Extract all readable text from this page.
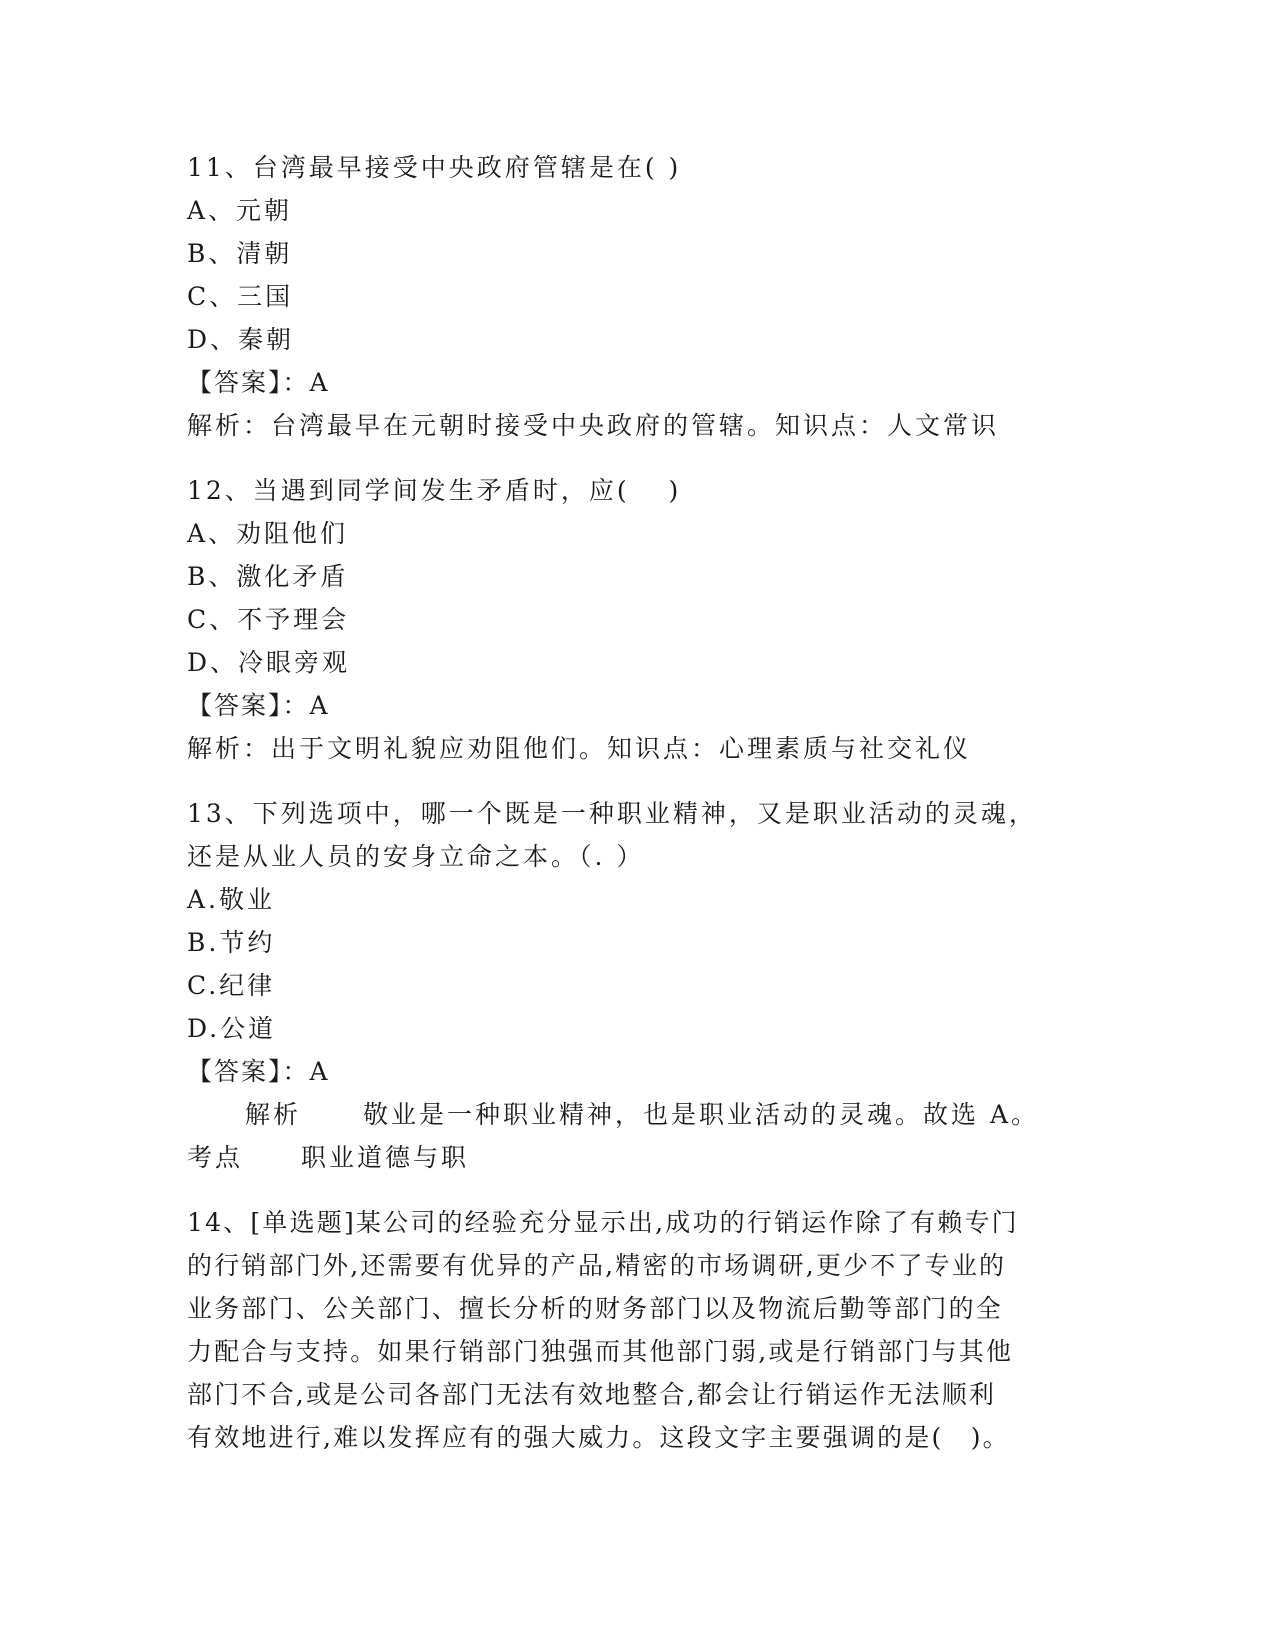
11、台湾最早接受中央政府管辖是在( )
A、元朝
B、清朝
C、三国
D、秦朝
【答案】：A
解析：台湾最早在元朝时接受中央政府的管辖。知识点：人文常识
12、当遇到同学间发生矛盾时，应(　 )
A、劝阻他们
B、激化矛盾
C、不予理会
D、冷眼旁观
【答案】：A
解析：出于文明礼貌应劝阻他们。知识点：心理素质与社交礼仪
13、下列选项中，哪一个既是一种职业精神，又是职业活动的灵魂，
还是从业人员的安身立命之本。（. ）
A.敬业
B.节约
C.纪律
D.公道
【答案】：A
解析 敬业是一种职业精神，也是职业活动的灵魂。故选 A。
考点 职业道德与职
14、[单选题]某公司的经验充分显示出,成功的行销运作除了有赖专门
的行销部门外,还需要有优异的产品,精密的市场调研,更少不了专业的
业务部门、公关部门、擅长分析的财务部门以及物流后勤等部门的全
力配合与支持。如果行销部门独强而其他部门弱,或是行销部门与其他
部门不合,或是公司各部门无法有效地整合,都会让行销运作无法顺利
有效地进行,难以发挥应有的强大威力。这段文字主要强调的是(　)。
